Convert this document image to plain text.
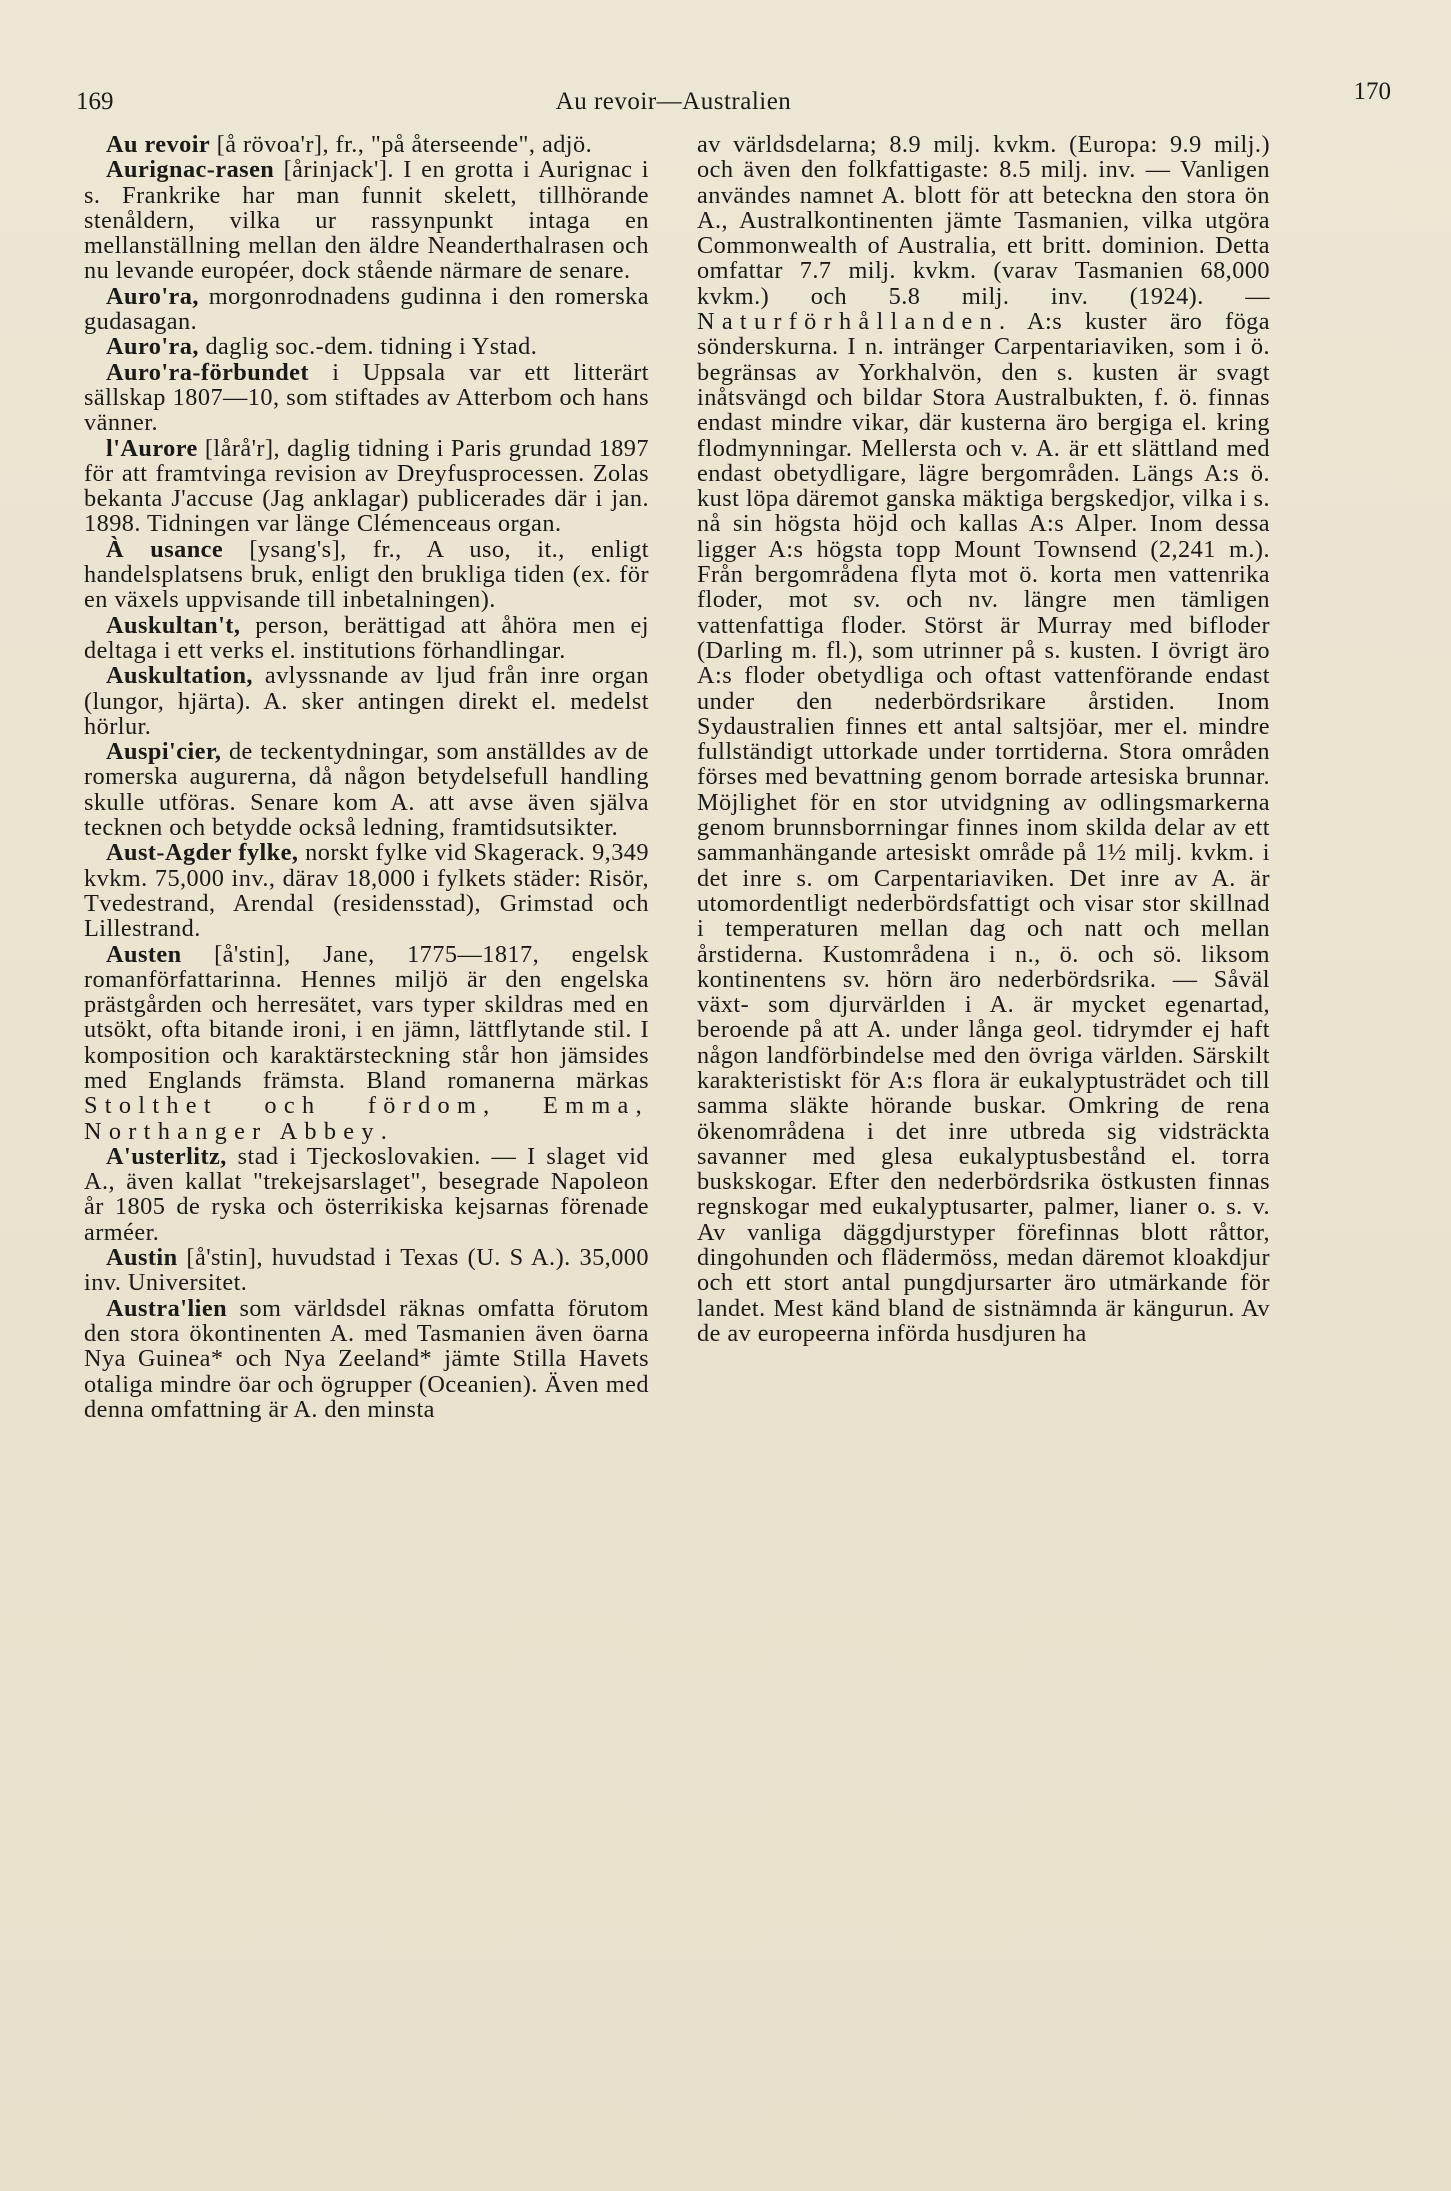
169	Au revoir—Australien	170

Au revoir [å rövoa'r], fr., "på återseende", adjö.

Aurignac-rasen [årinjack']. I en grotta i Aurignac i s. Frankrike har man funnit skelett, tillhörande stenåldern, vilka ur rassynpunkt intaga en mellanställning mellan den äldre Neanderthalrasen och nu levande européer, dock stående närmare de senare.

Auro'ra, morgonrodnadens gudinna i den romerska gudasagan.

Auro'ra, daglig soc.-dem. tidning i Ystad.

Auro'ra-förbundet i Uppsala var ett litterärt sällskap 1807—10, som stiftades av Atterbom och hans vänner.

l'Aurore [lårå'r], daglig tidning i Paris grundad 1897 för att framtvinga revision av Dreyfusprocessen. Zolas bekanta J'accuse (Jag anklagar) publicerades där i jan. 1898. Tidningen var länge Clémenceaus organ.

À usance [ysang's], fr., A uso, it., enligt handelsplatsens bruk, enligt den brukliga tiden (ex. för en växels uppvisande till inbetalningen).

Auskultan't, person, berättigad att åhöra men ej deltaga i ett verks el. institutions förhandlingar.

Auskultation, avlyssnande av ljud från inre organ (lungor, hjärta). A. sker antingen direkt el. medelst hörlur.

Auspi'cier, de teckentydningar, som anställdes av de romerska augurerna, då någon betydelsefull handling skulle utföras. Senare kom A. att avse även själva tecknen och betydde också ledning, framtidsutsikter.

Aust-Agder fylke, norskt fylke vid Skagerack. 9,349 kvkm. 75,000 inv., därav 18,000 i fylkets städer: Risör, Tvedestrand, Arendal (residensstad), Grimstad och Lillestrand.

Austen [å'stin], Jane, 1775—1817, engelsk romanförfattarinna. Hennes miljö är den engelska prästgården och herresätet, vars typer skildras med en utsökt, ofta bitande ironi, i en jämn, lättflytande stil. I komposition och karaktärsteckning står hon jämsides med Englands främsta. Bland romanerna märkas Stolthet och fördom, Emma, Northanger Abbey.

A'usterlitz, stad i Tjeckoslovakien. — I slaget vid A., även kallat "trekejsarslaget", besegrade Napoleon år 1805 de ryska och österrikiska kejsarnas förenade arméer.

Austin [å'stin], huvudstad i Texas (U. S A.). 35,000 inv. Universitet.

Austra'lien som världsdel räknas omfatta förutom den stora ökontinenten A. med Tasmanien även öarna Nya Guinea* och Nya Zeeland* jämte Stilla Havets otaliga mindre öar och ögrupper (Oceanien). Även med denna omfattning är A. den minsta

av världsdelarna; 8.9 milj. kvkm. (Europa: 9.9 milj.) och även den folkfattigaste: 8.5 milj. inv. — Vanligen användes namnet A. blott för att beteckna den stora ön A., Australkontinenten jämte Tasmanien, vilka utgöra Commonwealth of Australia, ett britt. dominion. Detta omfattar 7.7 milj. kvkm. (varav Tasmanien 68,000 kvkm.) och 5.8 milj. inv. (1924). — Naturförhållanden. A:s kuster äro föga sönderskurna. I n. intränger Carpentariaviken, som i ö. begränsas av Yorkhalvön, den s. kusten är svagt inåtsvängd och bildar Stora Australbukten, f. ö. finnas endast mindre vikar, där kusterna äro bergiga el. kring flodmynningar. Mellersta och v. A. är ett slättland med endast obetydligare, lägre bergområden. Längs A:s ö. kust löpa däremot ganska mäktiga bergskedjor, vilka i s. nå sin högsta höjd och kallas A:s Alper. Inom dessa ligger A:s högsta topp Mount Townsend (2,241 m.). Från bergområdena flyta mot ö. korta men vattenrika floder, mot sv. och nv. längre men tämligen vattenfattiga floder. Störst är Murray med bifloder (Darling m. fl.), som utrinner på s. kusten. I övrigt äro A:s floder obetydliga och oftast vattenförande endast under den nederbördsrikare årstiden. Inom Sydaustralien finnes ett antal saltsjöar, mer el. mindre fullständigt uttorkade under torrtiderna. Stora områden förses med bevattning genom borrade artesiska brunnar. Möjlighet för en stor utvidgning av odlingsmarkerna genom brunnsborrningar finnes inom skilda delar av ett sammanhängande artesiskt område på 1½ milj. kvkm. i det inre s. om Carpentariaviken. Det inre av A. är utomordentligt nederbördsfattigt och visar stor skillnad i temperaturen mellan dag och natt och mellan årstiderna. Kustområdena i n., ö. och sö. liksom kontinentens sv. hörn äro nederbördsrika. — Såväl växt- som djurvärlden i A. är mycket egenartad, beroende på att A. under långa geol. tidrymder ej haft någon landförbindelse med den övriga världen. Särskilt karakteristiskt för A:s flora är eukalyptusträdet och till samma släkte hörande buskar. Omkring de rena ökenområdena i det inre utbreda sig vidsträckta savanner med glesa eukalyptusbestånd el. torra buskskogar. Efter den nederbördsrika östkusten finnas regnskogar med eukalyptusarter, palmer, lianer o. s. v. Av vanliga däggdjurstyper förefinnas blott råttor, dingohunden och flädermöss, medan däremot kloakdjur och ett stort antal pungdjursarter äro utmärkande för landet. Mest känd bland de sistnämnda är kängurun. Av de av europeerna införda husdjuren ha
